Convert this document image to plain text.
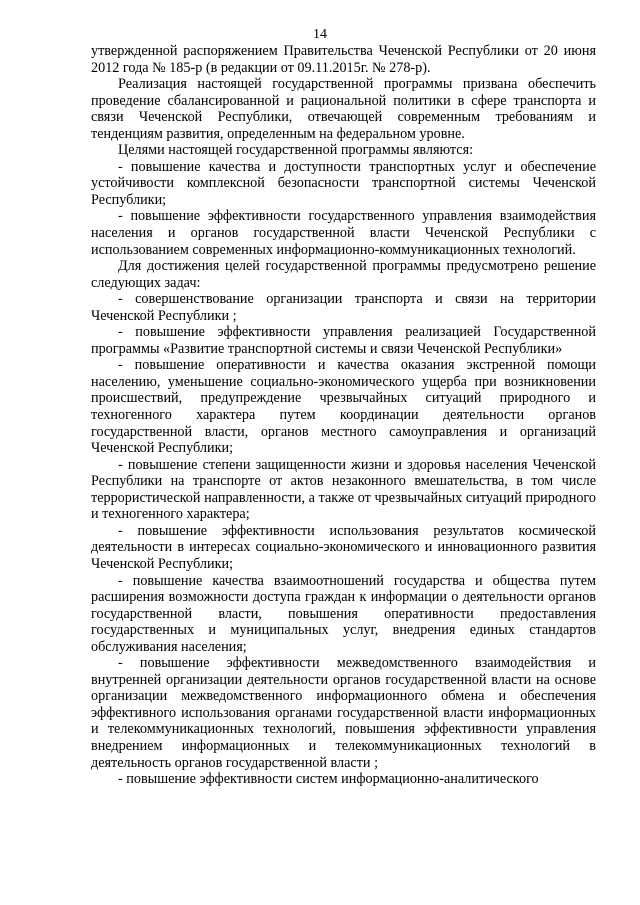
14

утвержденной распоряжением Правительства Чеченской Республики от 20 июня 2012 года № 185-р (в редакции от 09.11.2015г. № 278-р).

Реализация настоящей государственной программы призвана обеспечить проведение сбалансированной и рациональной политики в сфере транспорта и связи Чеченской Республики, отвечающей современным требованиям и тенденциям развития, определенным на федеральном уровне.

Целями настоящей государственной программы являются:

- повышение качества и доступности транспортных услуг и обеспечение устойчивости комплексной безопасности транспортной системы Чеченской Республики;

- повышение эффективности государственного управления взаимодействия населения и органов государственной власти Чеченской Республики с использованием современных информационно-коммуникационных технологий.

Для достижения целей государственной программы предусмотрено решение следующих задач:

- совершенствование организации транспорта и связи на территории Чеченской Республики ;

- повышение эффективности управления реализацией Государственной программы «Развитие транспортной системы и связи Чеченской Республики»

- повышение оперативности и качества оказания экстренной помощи населению, уменьшение социально-экономического ущерба при возникновении происшествий, предупреждение чрезвычайных ситуаций природного и техногенного характера путем координации деятельности органов государственной власти, органов местного самоуправления и организаций Чеченской Республики;

- повышение степени защищенности жизни и здоровья населения Чеченской Республики на транспорте от актов незаконного вмешательства, в том числе террористической направленности, а также от чрезвычайных ситуаций природного и техногенного характера;

- повышение эффективности использования результатов космической деятельности в интересах социально-экономического и инновационного развития Чеченской Республики;

- повышение качества взаимоотношений государства и общества путем расширения возможности доступа граждан к информации о деятельности органов государственной власти, повышения оперативности предоставления государственных и муниципальных услуг, внедрения единых стандартов обслуживания населения;

- повышение эффективности межведомственного взаимодействия и внутренней организации деятельности органов государственной власти на основе организации межведомственного информационного обмена и обеспечения эффективного использования органами государственной власти информационных и телекоммуникационных технологий, повышения эффективности управления внедрением информационных и телекоммуникационных технологий в деятельность органов государственной власти ;

- повышение эффективности систем информационно-аналитического
